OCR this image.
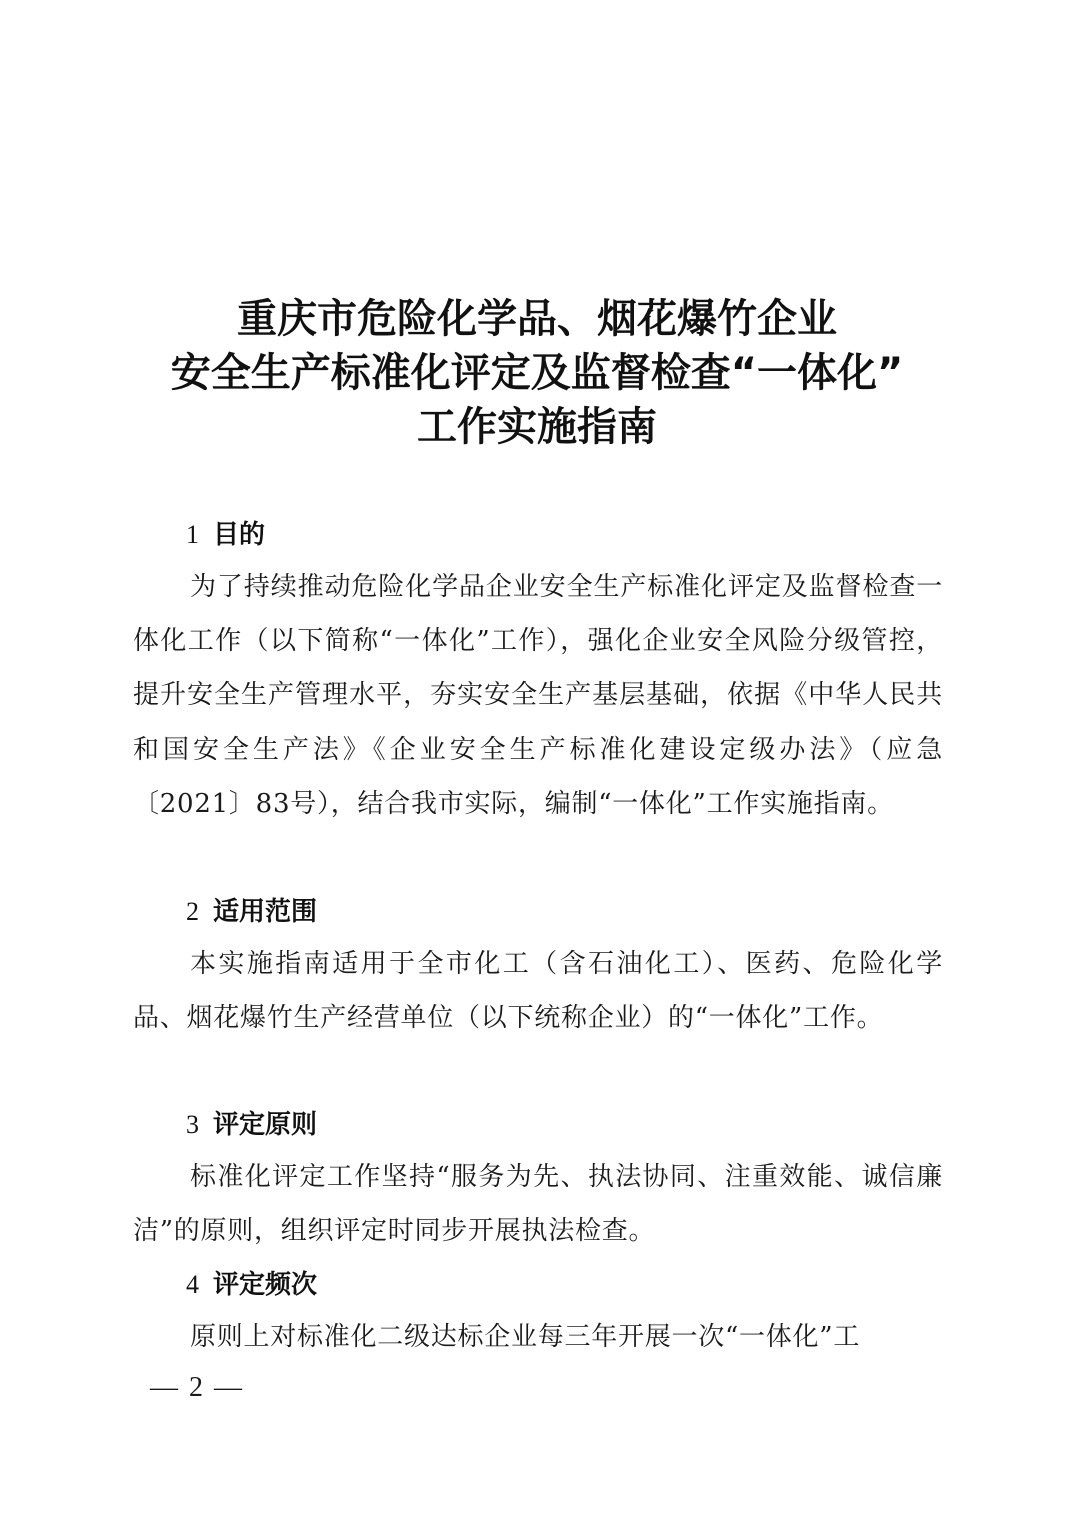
重庆市危险化学品、烟花爆竹企业
安全生产标准化评定及监督检查“一体化”
工作实施指南
1 目的
为了持续推动危险化学品企业安全生产标准化评定及监督检查一体化工作（以下简称“一体化”工作），强化企业安全风险分级管控，提升安全生产管理水平，夯实安全生产基层基础，依据《中华人民共和国安全生产法》《企业安全生产标准化建设定级办法》（应急〔2021〕83号），结合我市实际，编制“一体化”工作实施指南。
2 适用范围
本实施指南适用于全市化工（含石油化工）、医药、危险化学品、烟花爆竹生产经营单位（以下统称企业）的“一体化”工作。
3 评定原则
标准化评定工作坚持“服务为先、执法协同、注重效能、诚信廉洁”的原则，组织评定时同步开展执法检查。
4 评定频次
原则上对标准化二级达标企业每三年开展一次“一体化”工
— 2 —
